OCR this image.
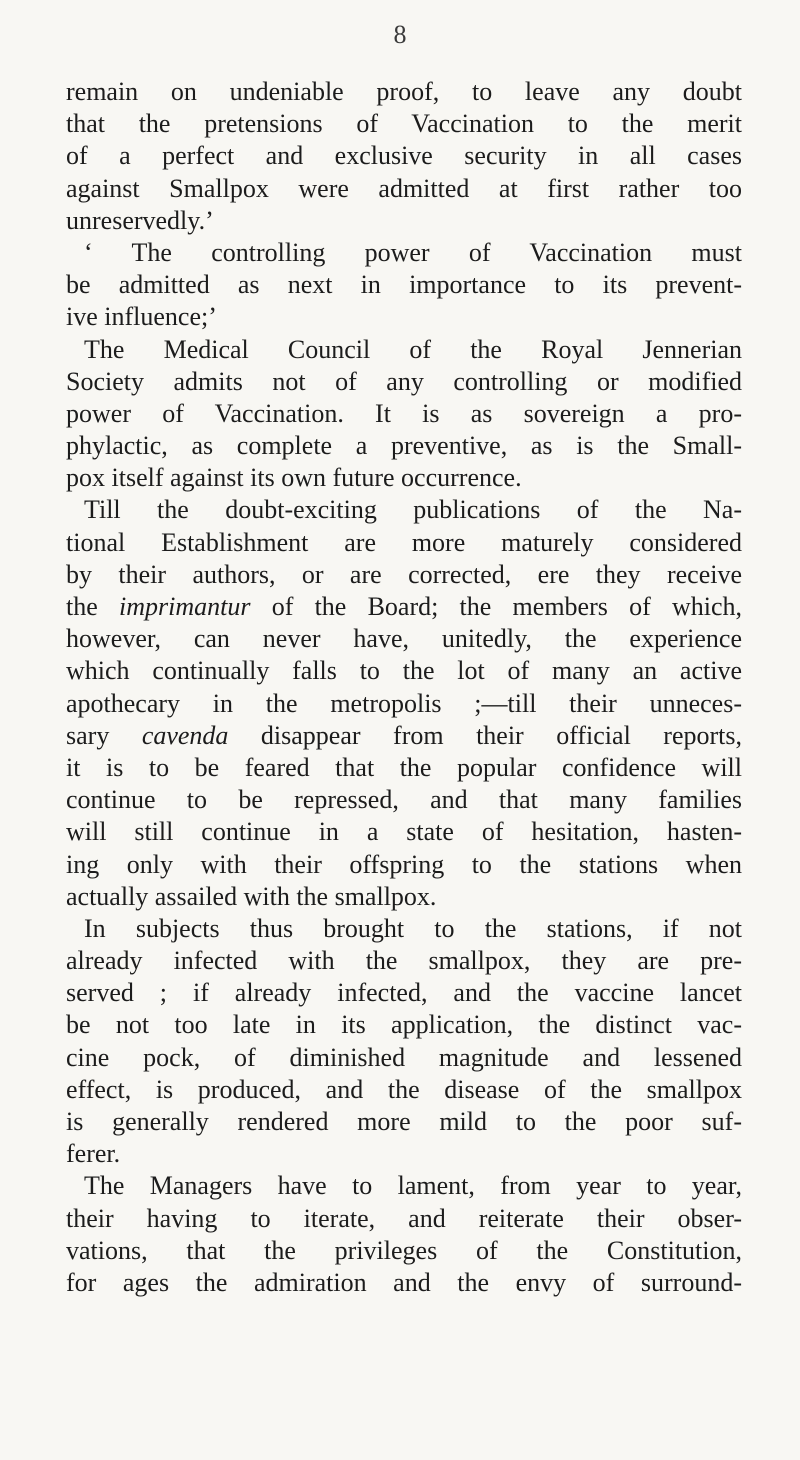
8
remain on undeniable proof, to leave any doubt
that the pretensions of Vaccination to the merit
of a perfect and exclusive security in all cases
against Smallpox were admitted at first rather too
unreservedly.’
‘ The controlling power of Vaccination must
be admitted as next in importance to its prevent-
ive influence;’
The Medical Council of the Royal Jennerian
Society admits not of any controlling or modified
power of Vaccination. It is as sovereign a pro-
phylactic, as complete a preventive, as is the Small-
pox itself against its own future occurrence.
Till the doubt-exciting publications of the Na-
tional Establishment are more maturely considered
by their authors, or are corrected, ere they receive
the imprimantur of the Board; the members of which,
however, can never have, unitedly, the experience
which continually falls to the lot of many an active
apothecary in the metropolis ;—till their unneces-
sary cavenda disappear from their official reports,
it is to be feared that the popular confidence will
continue to be repressed, and that many families
will still continue in a state of hesitation, hasten-
ing only with their offspring to the stations when
actually assailed with the smallpox.
In subjects thus brought to the stations, if not
already infected with the smallpox, they are pre-
served ; if already infected, and the vaccine lancet
be not too late in its application, the distinct vac-
cine pock, of diminished magnitude and lessened
effect, is produced, and the disease of the smallpox
is generally rendered more mild to the poor suf-
ferer.
The Managers have to lament, from year to year,
their having to iterate, and reiterate their obser-
vations, that the privileges of the Constitution,
for ages the admiration and the envy of surround-
